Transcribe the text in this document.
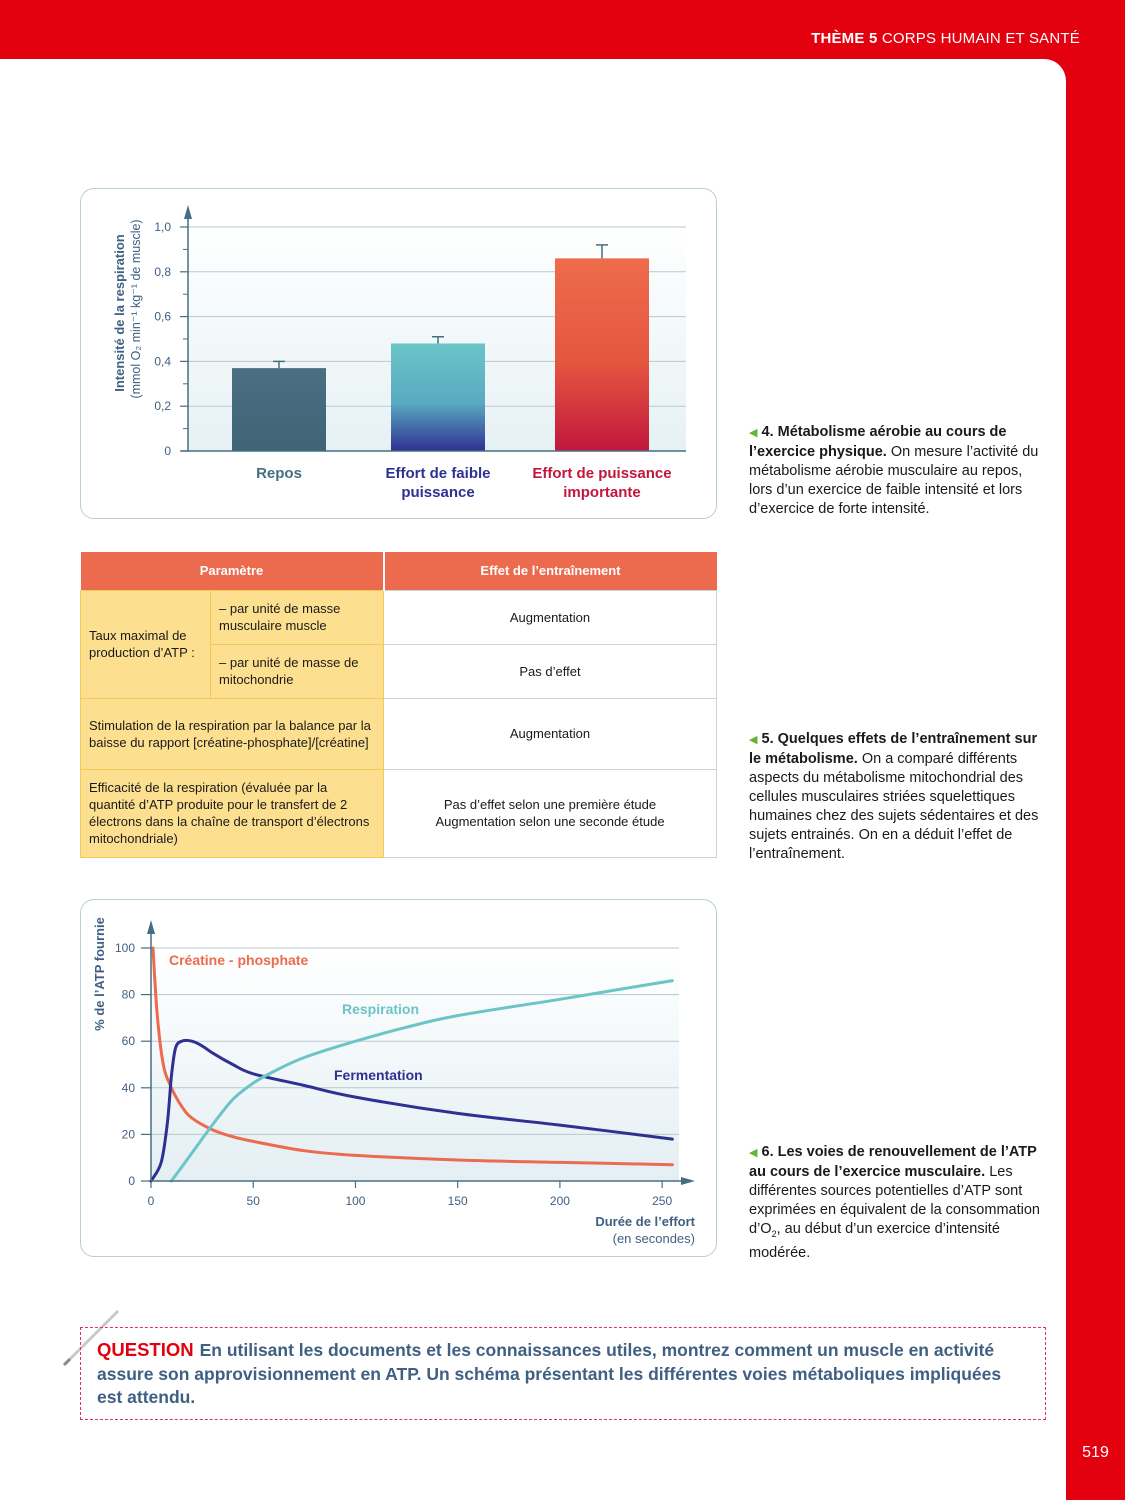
THÈME 5 CORPS HUMAIN ET SANTÉ
519
0
0,2
0,4
0,6
0,8
1,0
Repos	Effort de faible
puissance
Effort de puissance
importante
Intensité de la respiration (mmol O₂ min⁻¹ kg⁻¹ de muscle)
◀ 4. Métabolisme aérobie au cours de l’exercice physique. On mesure l’activité du métabolisme aérobie musculaire au repos, lors d’un exercice de faible intensité et lors d’exercice de forte intensité.
Paramètre		Effet de l’entraînement
Taux maximal de production d’ATP :	– par unité de masse musculaire muscle	Augmentation
	– par unité de masse de mitochondrie	Pas d’effet
Stimulation de la respiration par la balance par la baisse du rapport [créatine-phosphate]/[créatine]		Augmentation
Efficacité de la respiration (évaluée par la quantité d’ATP produite pour le transfert de 2 électrons dans la chaîne de transport d’électrons mitochondriale)		Pas d’effet selon une première étude
Augmentation selon une seconde étude
◀ 5. Quelques effets de l’entraînement sur le métabolisme. On a comparé différents aspects du métabolisme mitochondrial des cellules musculaires striées squelettiques humaines chez des sujets sédentaires et des sujets entrainés. On en a déduit l’effet de l’entraînement.
0
20
40
60
80
100
0	50	100	150	200	250
% de l’ATP fournie
Durée de l’effort
(en secondes)
Créatine - phosphate
Respiration
Fermentation
◀ 6. Les voies de renouvellement de l’ATP au cours de l’exercice musculaire. Les différentes sources potentielles d’ATP sont exprimées en équivalent de la consommation $d’O_2$, au début d’un exercice d’intensité modérée.
QUESTION En utilisant les documents et les connaissances utiles, montrez comment un muscle en activité assure son approvisionnement en ATP. Un schéma présentant les différentes voies métaboliques impliquées est attendu.
